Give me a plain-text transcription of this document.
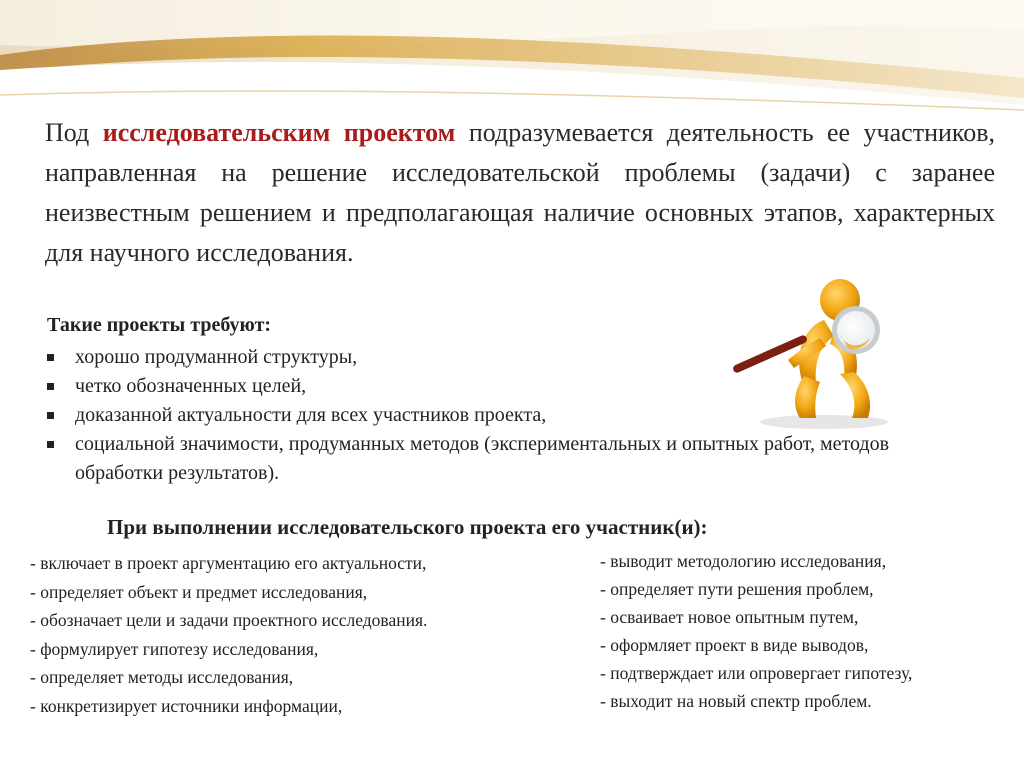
Под исследовательским проектом подразумевается деятельность ее участников, направленная на решение исследовательской проблемы (задачи) с заранее неизвестным решением и предполагающая наличие основных этапов, характерных для научного исследования.

Такие проекты требуют:
хорошо продуманной структуры,
четко обозначенных целей,
доказанной актуальности для всех участников проекта,
социальной значимости, продуманных методов (экспериментальных и опытных работ, методов обработки результатов).
При выполнении исследовательского проекта его участник(и):
- включает в проект аргументацию его актуальности,
- определяет объект и предмет исследования,
- обозначает цели и задачи проектного исследования.
- формулирует гипотезу исследования,
- определяет методы исследования,
- конкретизирует источники информации,
- выводит методологию исследования,
- определяет пути решения проблем,
- осваивает новое опытным путем,
- оформляет проект в виде выводов,
- подтверждает или опровергает гипотезу,
- выходит на новый спектр проблем.
